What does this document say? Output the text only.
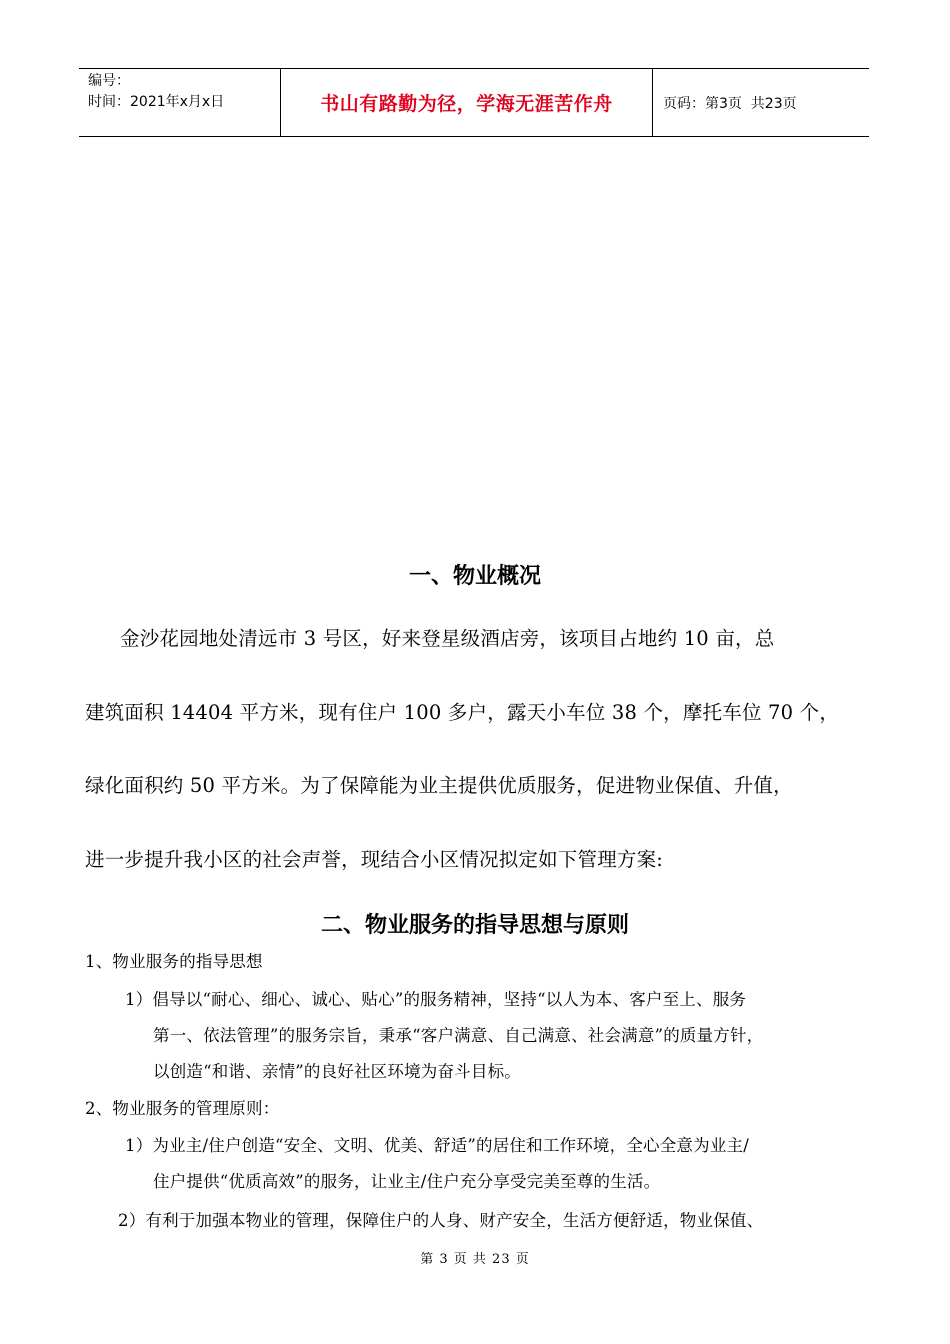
编号：
时间：2021年x月x日	书山有路勤为径，学海无涯苦作舟	页码：第3页  共23页
一、物业概况
金沙花园地处清远市 3 号区，好来登星级酒店旁，该项目占地约 10 亩，总
建筑面积 14404 平方米，现有住户 100 多户，露天小车位 38 个，摩托车位 70 个，
绿化面积约 50 平方米。为了保障能为业主提供优质服务，促进物业保值、升值，
进一步提升我小区的社会声誉，现结合小区情况拟定如下管理方案:
二、物业服务的指导思想与原则
1、物业服务的指导思想
1）倡导以“耐心、细心、诚心、贴心”的服务精神，坚持“以人为本、客户至上、服务
第一、依法管理”的服务宗旨，秉承“客户满意、自己满意、社会满意”的质量方针，
以创造“和谐、亲情”的良好社区环境为奋斗目标。
2、物业服务的管理原则：
1）为业主/住户创造“安全、文明、优美、舒适”的居住和工作环境，全心全意为业主/
住户提供“优质高效”的服务，让业主/住户充分享受完美至尊的生活。
2）有利于加强本物业的管理，保障住户的人身、财产安全，生活方便舒适，物业保值、
第 3 页 共 23 页
